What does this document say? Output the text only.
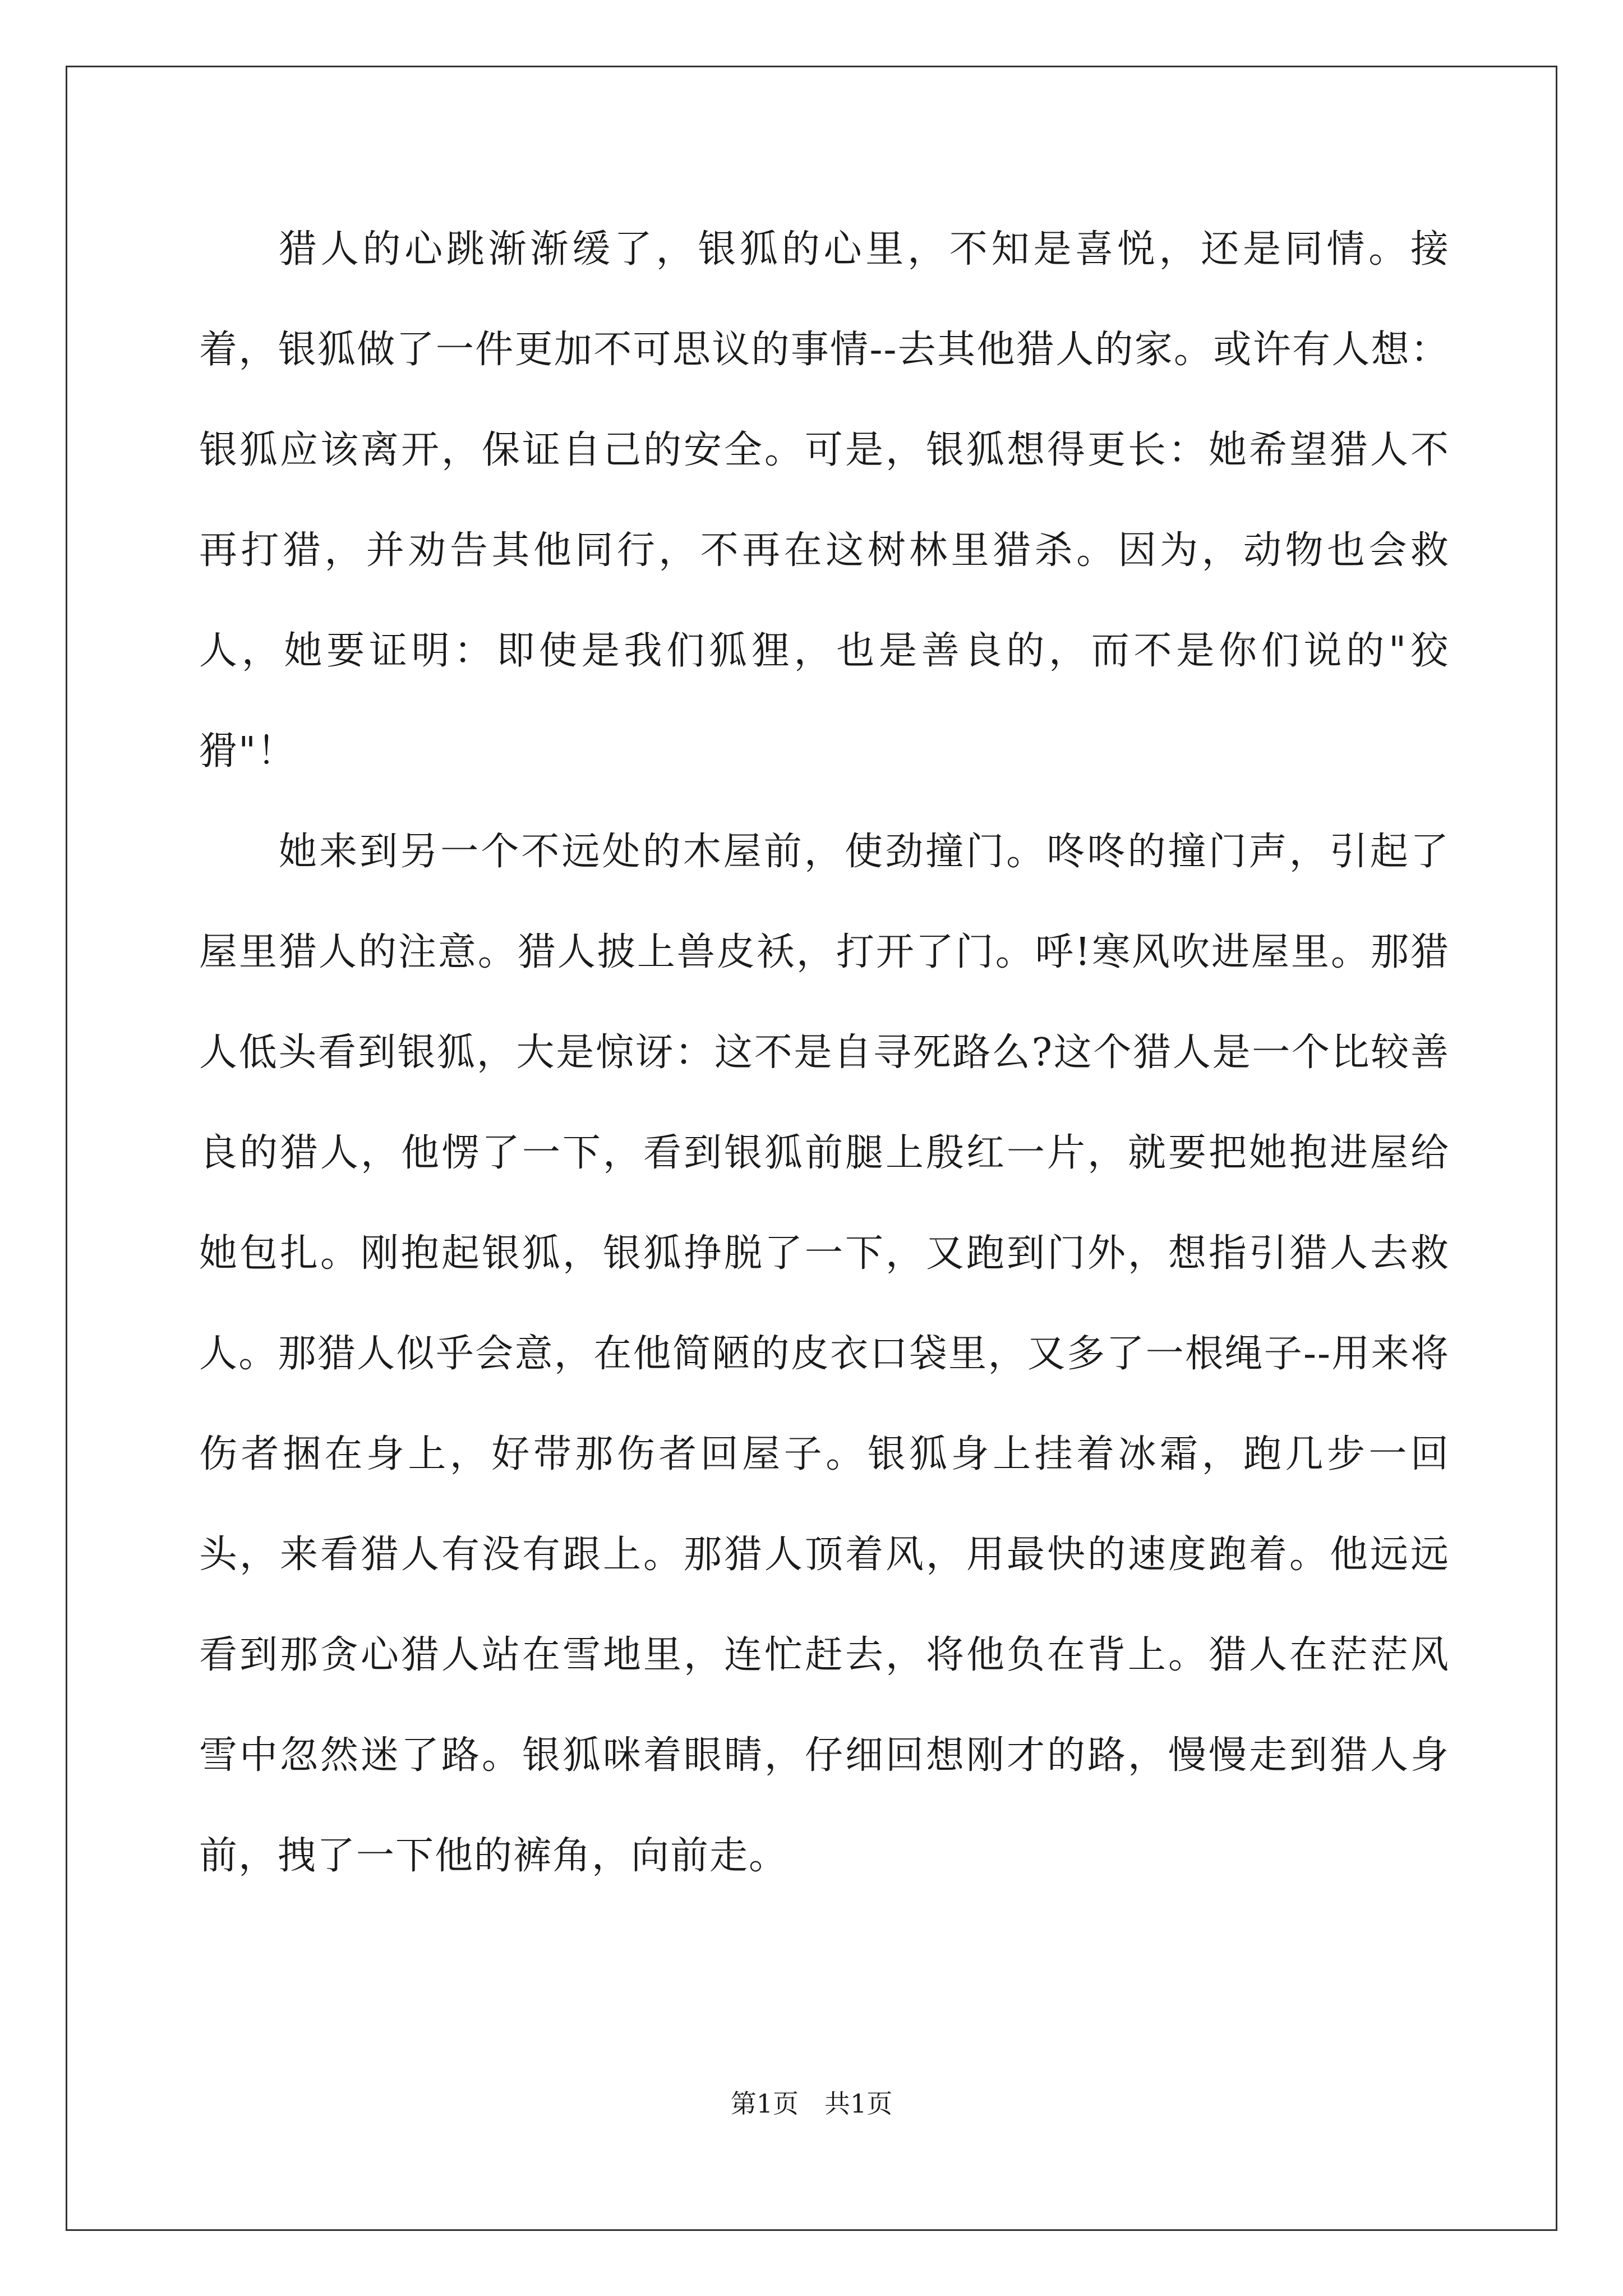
猎人的心跳渐渐缓了，银狐的心里，不知是喜悦，还是同情。接着，银狐做了一件更加不可思议的事情--去其他猎人的家。或许有人想：银狐应该离开，保证自己的安全。可是，银狐想得更长：她希望猎人不再打猎，并劝告其他同行，不再在这树林里猎杀。因为，动物也会救人，她要证明：即使是我们狐狸，也是善良的，而不是你们说的"狡猾"！

她来到另一个不远处的木屋前，使劲撞门。咚咚的撞门声，引起了屋里猎人的注意。猎人披上兽皮袄，打开了门。呼!寒风吹进屋里。那猎人低头看到银狐，大是惊讶：这不是自寻死路么?这个猎人是一个比较善良的猎人，他愣了一下，看到银狐前腿上殷红一片，就要把她抱进屋给她包扎。刚抱起银狐，银狐挣脱了一下，又跑到门外，想指引猎人去救人。那猎人似乎会意，在他简陋的皮衣口袋里，又多了一根绳子--用来将伤者捆在身上，好带那伤者回屋子。银狐身上挂着冰霜，跑几步一回头，来看猎人有没有跟上。那猎人顶着风，用最快的速度跑着。他远远看到那贪心猎人站在雪地里，连忙赶去，将他负在背上。猎人在茫茫风雪中忽然迷了路。银狐咪着眼睛，仔细回想刚才的路，慢慢走到猎人身前，拽了一下他的裤角，向前走。

第1页 共1页
